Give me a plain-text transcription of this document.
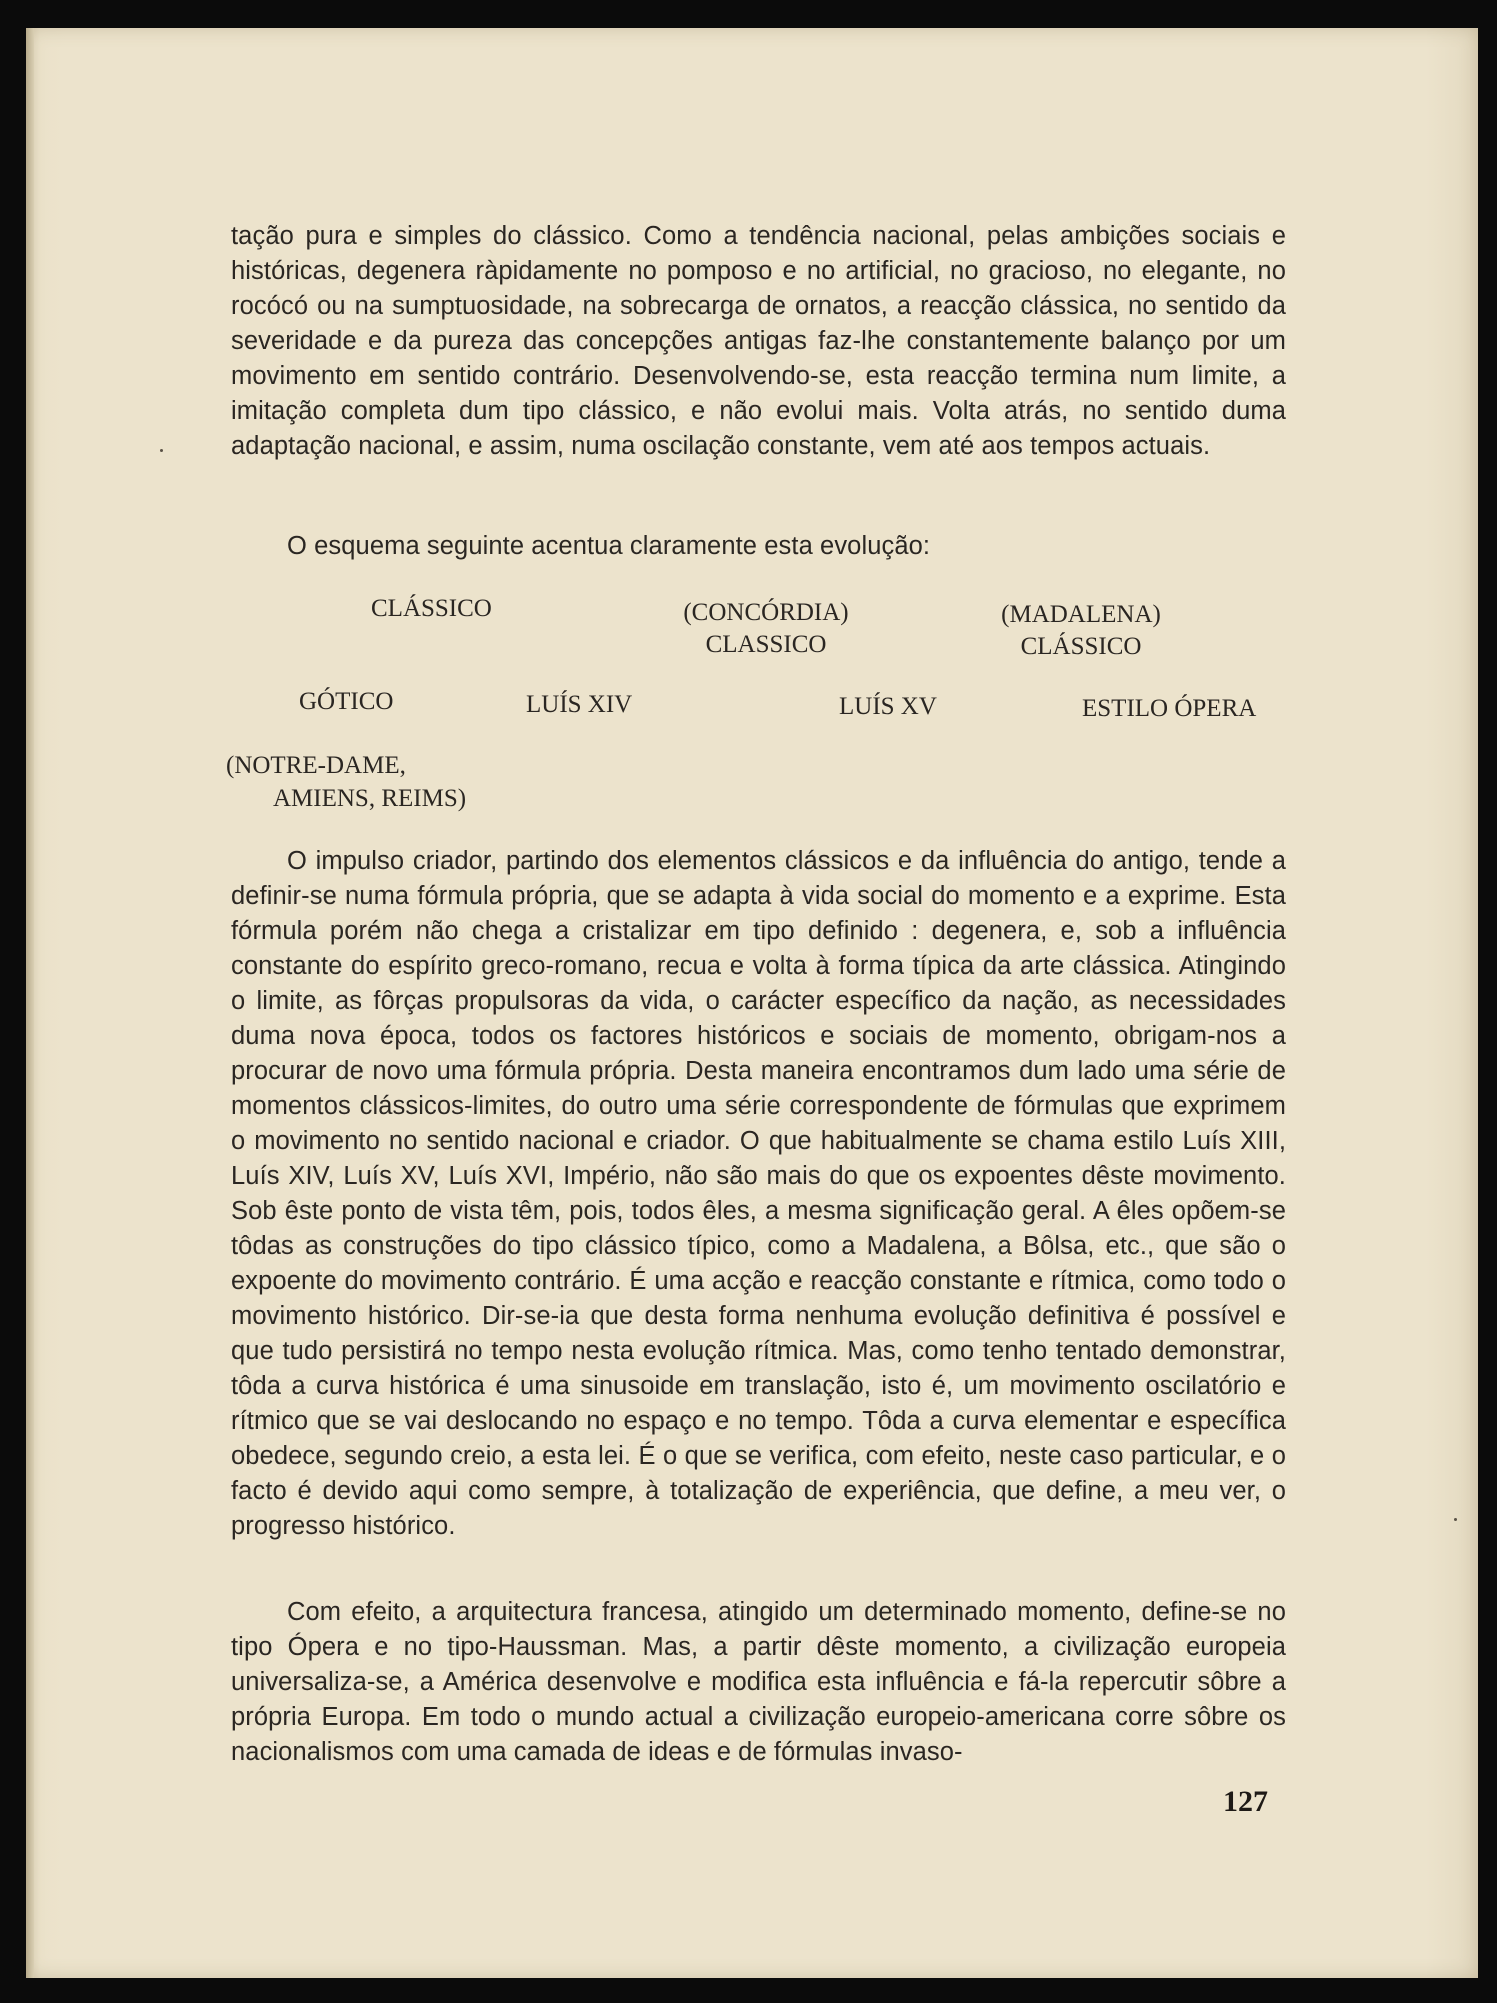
tação pura e simples do clássico. Como a tendência nacional, pelas ambições sociais e históricas, degenera ràpidamente no pomposo e no artificial, no gracioso, no elegante, no rocócó ou na sumptuosidade, na sobrecarga de ornatos, a reacção clássica, no sentido da severidade e da pureza das concepções antigas faz-lhe constantemente balanço por um movimento em sentido contrário. Desenvolvendo-se, esta reacção termina num limite, a imitação completa dum tipo clássico, e não evolui mais. Volta atrás, no sentido duma adaptação nacional, e assim, numa oscilação constante, vem até aos tempos actuais.

O esquema seguinte acentua claramente esta evolução:

CLÁSSICO	(CONCÓRDIA)
CLASSICO
(MADALENA)
CLÁSSICO
GÓTICO	LUÍS XIV	LUÍS XV	ESTILO ÓPERA
(NOTRE-DAME,
AMIENS, REIMS)

O impulso criador, partindo dos elementos clássicos e da influência do antigo, tende a definir-se numa fórmula própria, que se adapta à vida social do momento e a exprime. Esta fórmula porém não chega a cristalizar em tipo definido : degenera, e, sob a influência constante do espírito greco-romano, recua e volta à forma típica da arte clássica. Atingindo o limite, as fôrças propulsoras da vida, o carácter específico da nação, as necessidades duma nova época, todos os factores históricos e sociais de momento, obrigam-nos a procurar de novo uma fórmula própria. Desta maneira encontramos dum lado uma série de momentos clássicos-limites, do outro uma série correspondente de fórmulas que exprimem o movimento no sentido nacional e criador. O que habitualmente se chama estilo Luís XIII, Luís XIV, Luís XV, Luís XVI, Império, não são mais do que os expoentes dêste movimento. Sob êste ponto de vista têm, pois, todos êles, a mesma significação geral. A êles opõem-se tôdas as construções do tipo clássico típico, como a Madalena, a Bôlsa, etc., que são o expoente do movimento contrário. É uma acção e reacção constante e rítmica, como todo o movimento histórico. Dir-se-ia que desta forma nenhuma evolução definitiva é possível e que tudo persistirá no tempo nesta evolução rítmica. Mas, como tenho tentado demonstrar, tôda a curva histórica é uma sinusoide em translação, isto é, um movimento oscilatório e rítmico que se vai deslocando no espaço e no tempo. Tôda a curva elementar e específica obedece, segundo creio, a esta lei. É o que se verifica, com efeito, neste caso particular, e o facto é devido aqui como sempre, à totalização de experiência, que define, a meu ver, o progresso histórico.

Com efeito, a arquitectura francesa, atingido um determinado momento, define-se no tipo Ópera e no tipo-Haussman. Mas, a partir dêste momento, a civilização europeia universaliza-se, a América desenvolve e modifica esta influência e fá-la repercutir sôbre a própria Europa. Em todo o mundo actual a civilização europeio-americana corre sôbre os nacionalismos com uma camada de ideas e de fórmulas invaso-

127
